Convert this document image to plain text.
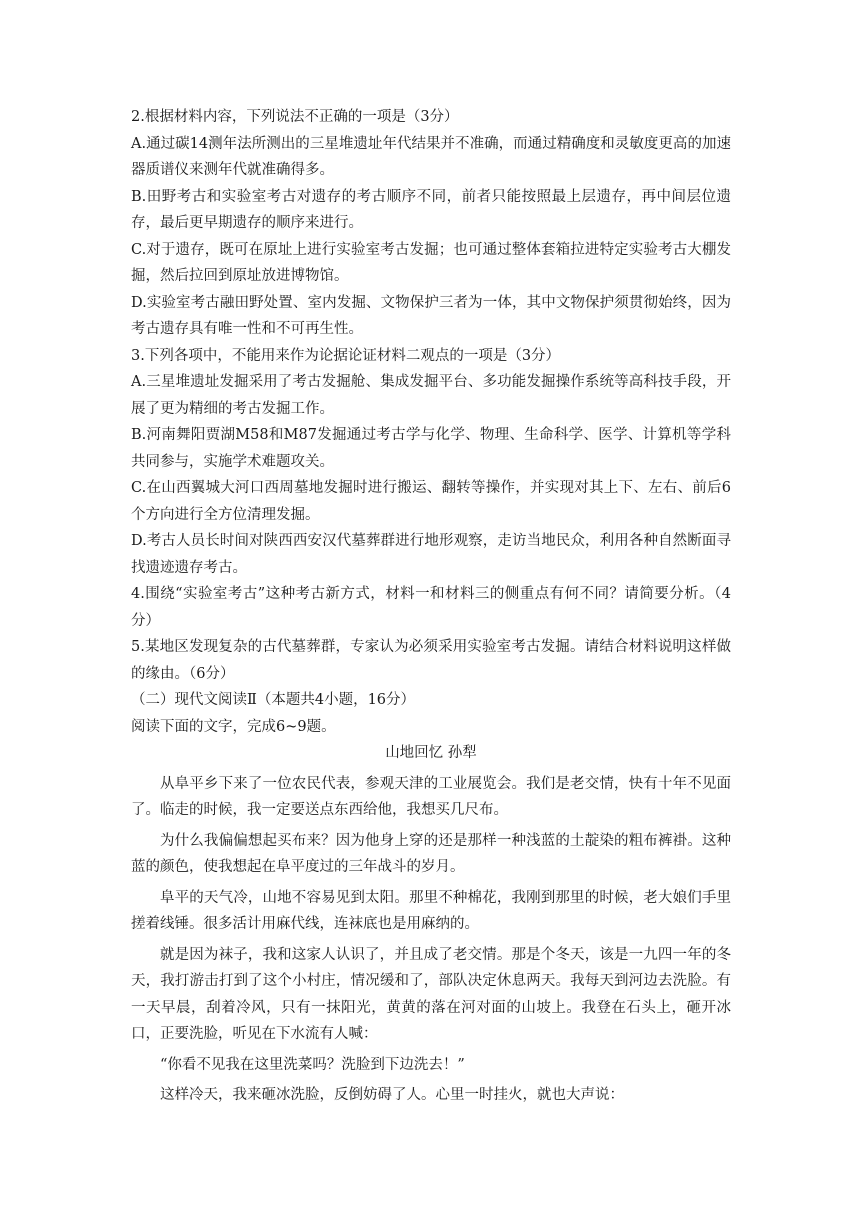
2.根据材料内容，下列说法不正确的一项是（3分）

A.通过碳14测年法所测出的三星堆遗址年代结果并不准确，而通过精确度和灵敏度更高的加速器质谱仪来测年代就准确得多。

B.田野考古和实验室考古对遗存的考古顺序不同，前者只能按照最上层遗存，再中间层位遗存，最后更早期遗存的顺序来进行。

C.对于遗存，既可在原址上进行实验室考古发掘；也可通过整体套箱拉进特定实验考古大棚发掘，然后拉回到原址放进博物馆。

D.实验室考古融田野处置、室内发掘、文物保护三者为一体，其中文物保护须贯彻始终，因为考古遗存具有唯一性和不可再生性。

3.下列各项中，不能用来作为论据论证材料二观点的一项是（3分）

A.三星堆遗址发掘采用了考古发掘舱、集成发掘平台、多功能发掘操作系统等高科技手段，开展了更为精细的考古发掘工作。

B.河南舞阳贾湖M58和M87发掘通过考古学与化学、物理、生命科学、医学、计算机等学科共同参与，实施学术难题攻关。

C.在山西翼城大河口西周墓地发掘时进行搬运、翻转等操作，并实现对其上下、左右、前后6个方向进行全方位清理发掘。

D.考古人员长时间对陕西西安汉代墓葬群进行地形观察，走访当地民众，利用各种自然断面寻找遗迹遗存考古。

4.围绕“实验室考古”这种考古新方式，材料一和材料三的侧重点有何不同？请简要分析。（4分）

5.某地区发现复杂的古代墓葬群，专家认为必须采用实验室考古发掘。请结合材料说明这样做的缘由。（6分）

（二）现代文阅读Ⅱ（本题共4小题，16分）

阅读下面的文字，完成6~9题。

山地回忆 孙犁

从阜平乡下来了一位农民代表，参观天津的工业展览会。我们是老交情，快有十年不见面了。临走的时候，我一定要送点东西给他，我想买几尺布。

为什么我偏偏想起买布来？因为他身上穿的还是那样一种浅蓝的土靛染的粗布裤褂。这种蓝的颜色，使我想起在阜平度过的三年战斗的岁月。

阜平的天气冷，山地不容易见到太阳。那里不种棉花，我刚到那里的时候，老大娘们手里搓着线锤。很多活计用麻代线，连袜底也是用麻纳的。

就是因为袜子，我和这家人认识了，并且成了老交情。那是个冬天，该是一九四一年的冬天，我打游击打到了这个小村庄，情况缓和了，部队决定休息两天。我每天到河边去洗脸。有一天早晨，刮着冷风，只有一抹阳光，黄黄的落在河对面的山坡上。我登在石头上，砸开冰口，正要洗脸，听见在下水流有人喊：

“你看不见我在这里洗菜吗？洗脸到下边洗去！”

这样冷天，我来砸冰洗脸，反倒妨碍了人。心里一时挂火，就也大声说：
